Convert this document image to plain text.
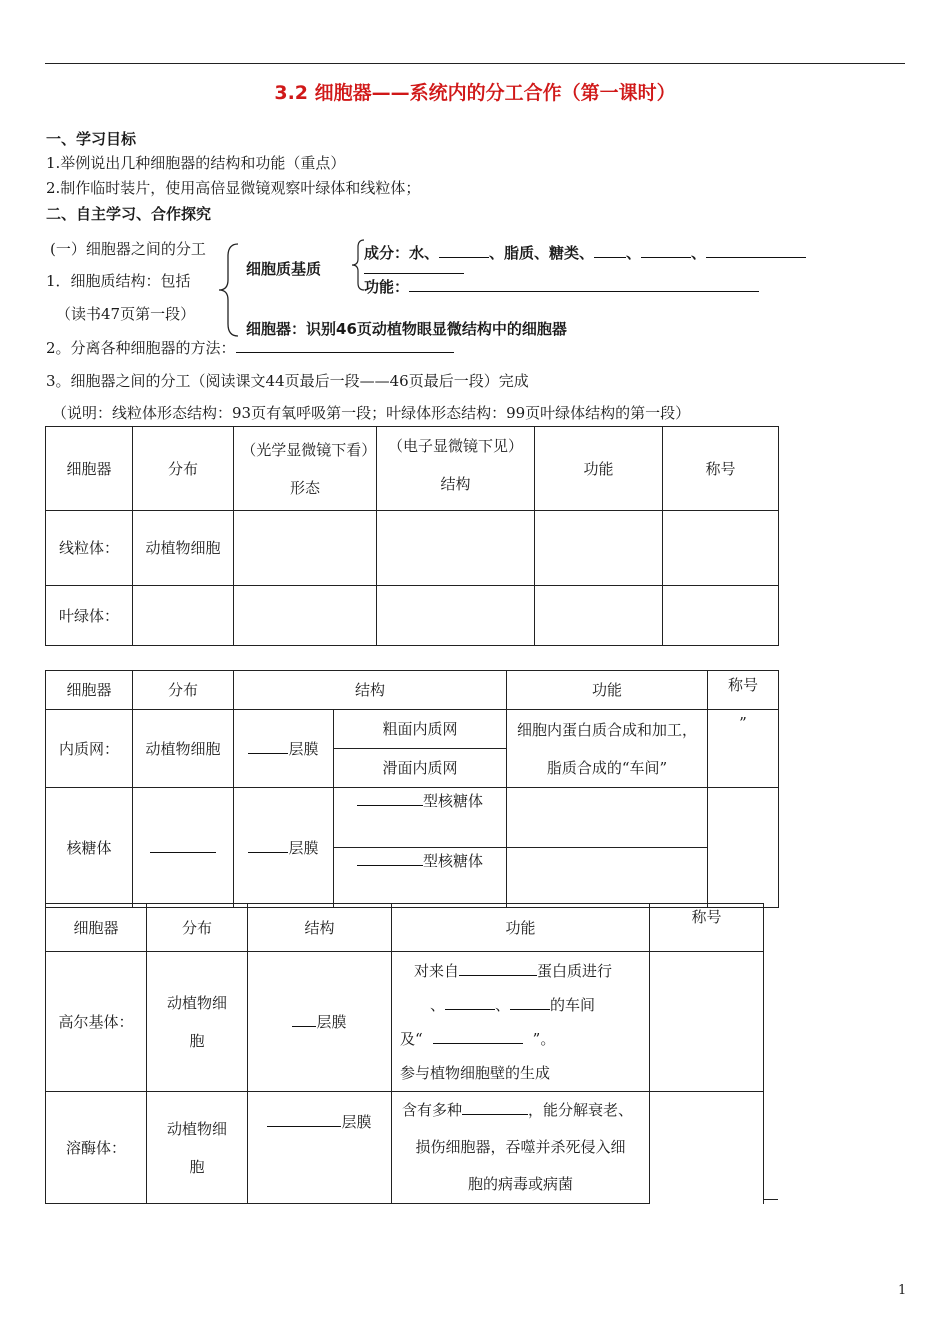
3.2 细胞器——系统内的分工合作（第一课时）
一、学习目标
1.举例说出几种细胞器的结构和功能（重点）
2.制作临时装片，使用高倍显微镜观察叶绿体和线粒体；
二、自主学习、合作探究
(一）细胞器之间的分工
1．细胞质结构：包括
（读书47页第一段）
细胞质基质
成分：水、	、脂质、糖类、 、	、
功能：
细胞器：识别46页动植物眼显微结构中的细胞器
2。分离各种细胞器的方法：
3。细胞器之间的分工（阅读课文44页最后一段——46页最后一段）完成
（说明：线粒体形态结构：93页有氧呼吸第一段；叶绿体形态结构：99页叶绿体结构的第一段）
细胞器	分布	（光学显微镜下看）形态	（电子显微镜下见）结构	功能	称号
线粒体：	动植物细胞				
叶绿体：					
细胞器	分布	结构		功能	称号
内质网：	动植物细胞	层膜	粗面内质网	细胞内蛋白质合成和加工，脂质合成的“车间”	”
			滑面内质网		
核糖体		层膜	型核糖体		
			型核糖体		
细胞器	分布	结构	功能	称号
高尔基体：	动植物细胞	层膜	对来自 蛋白质进行
、 、 的车间
及“ ”。
参与植物细胞壁的生成	

溶酶体：	动植物细胞	层膜	含有多种 ，能分解衰老、
损伤细胞器，吞噬并杀死侵入细
胞的病毒或病菌	

1
